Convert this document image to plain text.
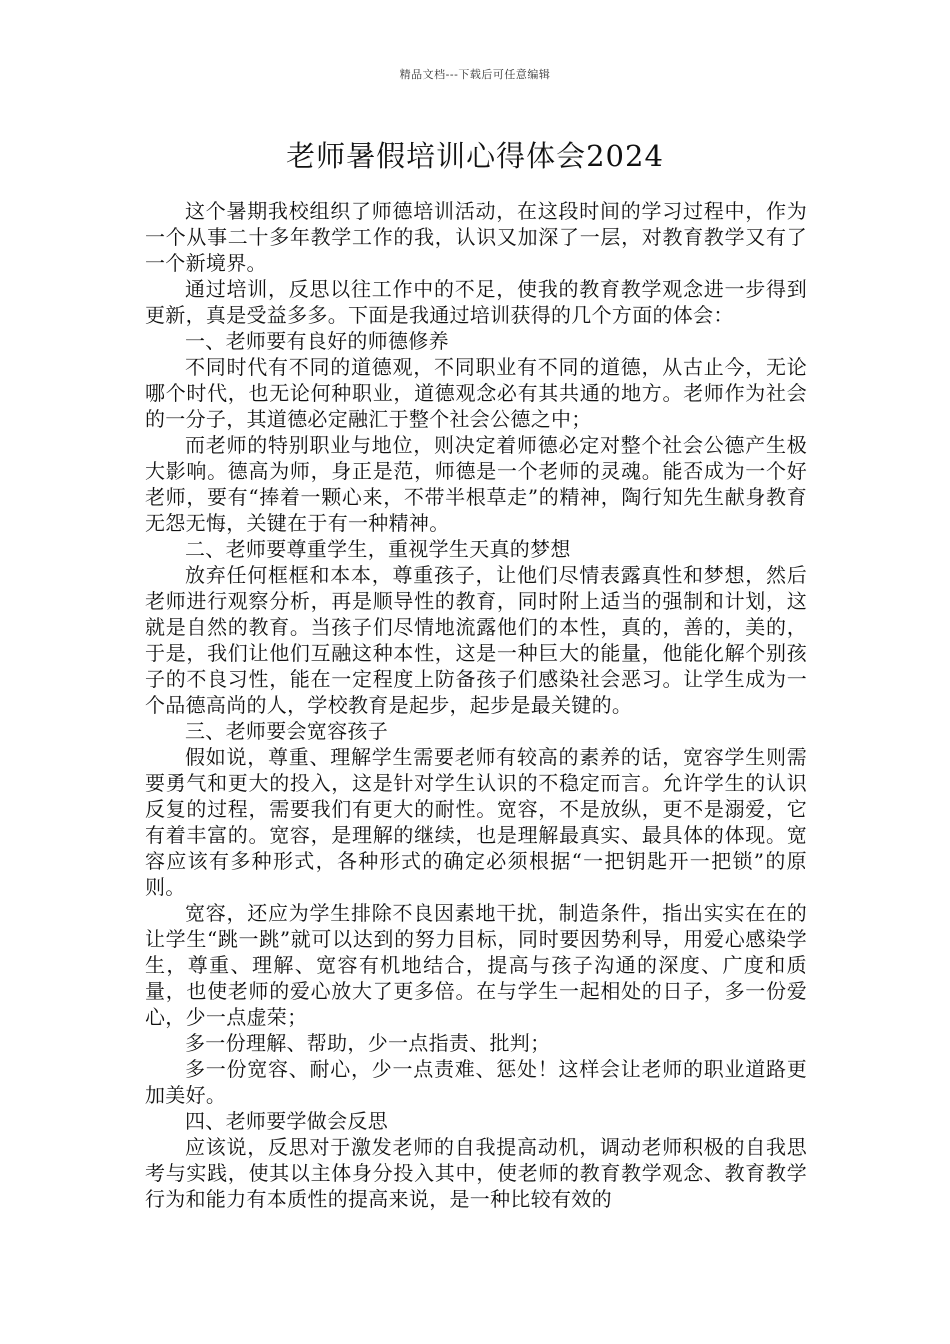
精品文档---下载后可任意编辑
老师暑假培训心得体会2024

这个暑期我校组织了师德培训活动，在这段时间的学习过程中，作为一个从事二十多年教学工作的我，认识又加深了一层，对教育教学又有了一个新境界。

通过培训，反思以往工作中的不足，使我的教育教学观念进一步得到更新，真是受益多多。下面是我通过培训获得的几个方面的体会：

一、老师要有良好的师德修养

不同时代有不同的道德观，不同职业有不同的道德，从古止今，无论哪个时代，也无论何种职业，道德观念必有其共通的地方。老师作为社会的一分子，其道德必定融汇于整个社会公德之中；

而老师的特别职业与地位，则决定着师德必定对整个社会公德产生极大影响。德高为师，身正是范，师德是一个老师的灵魂。能否成为一个好老师，要有“捧着一颗心来，不带半根草走”的精神，陶行知先生献身教育无怨无悔，关键在于有一种精神。

二、老师要尊重学生，重视学生天真的梦想

放弃任何框框和本本，尊重孩子，让他们尽情表露真性和梦想，然后老师进行观察分析，再是顺导性的教育，同时附上适当的强制和计划，这就是自然的教育。当孩子们尽情地流露他们的本性，真的，善的，美的，于是，我们让他们互融这种本性，这是一种巨大的能量，他能化解个别孩子的不良习性，能在一定程度上防备孩子们感染社会恶习。让学生成为一个品德高尚的人，学校教育是起步，起步是最关键的。

三、老师要会宽容孩子

假如说，尊重、理解学生需要老师有较高的素养的话，宽容学生则需要勇气和更大的投入，这是针对学生认识的不稳定而言。允许学生的认识反复的过程，需要我们有更大的耐性。宽容，不是放纵，更不是溺爱，它有着丰富的。宽容，是理解的继续，也是理解最真实、最具体的体现。宽容应该有多种形式，各种形式的确定必须根据“一把钥匙开一把锁”的原则。

宽容，还应为学生排除不良因素地干扰，制造条件，指出实实在在的让学生“跳一跳”就可以达到的努力目标，同时要因势利导，用爱心感染学生，尊重、理解、宽容有机地结合，提高与孩子沟通的深度、广度和质量，也使老师的爱心放大了更多倍。在与学生一起相处的日子，多一份爱心，少一点虚荣；

多一份理解、帮助，少一点指责、批判；

多一份宽容、耐心，少一点责难、惩处！这样会让老师的职业道路更加美好。

四、老师要学做会反思

应该说，反思对于激发老师的自我提高动机，调动老师积极的自我思考与实践，使其以主体身分投入其中，使老师的教育教学观念、教育教学行为和能力有本质性的提高来说，是一种比较有效的
